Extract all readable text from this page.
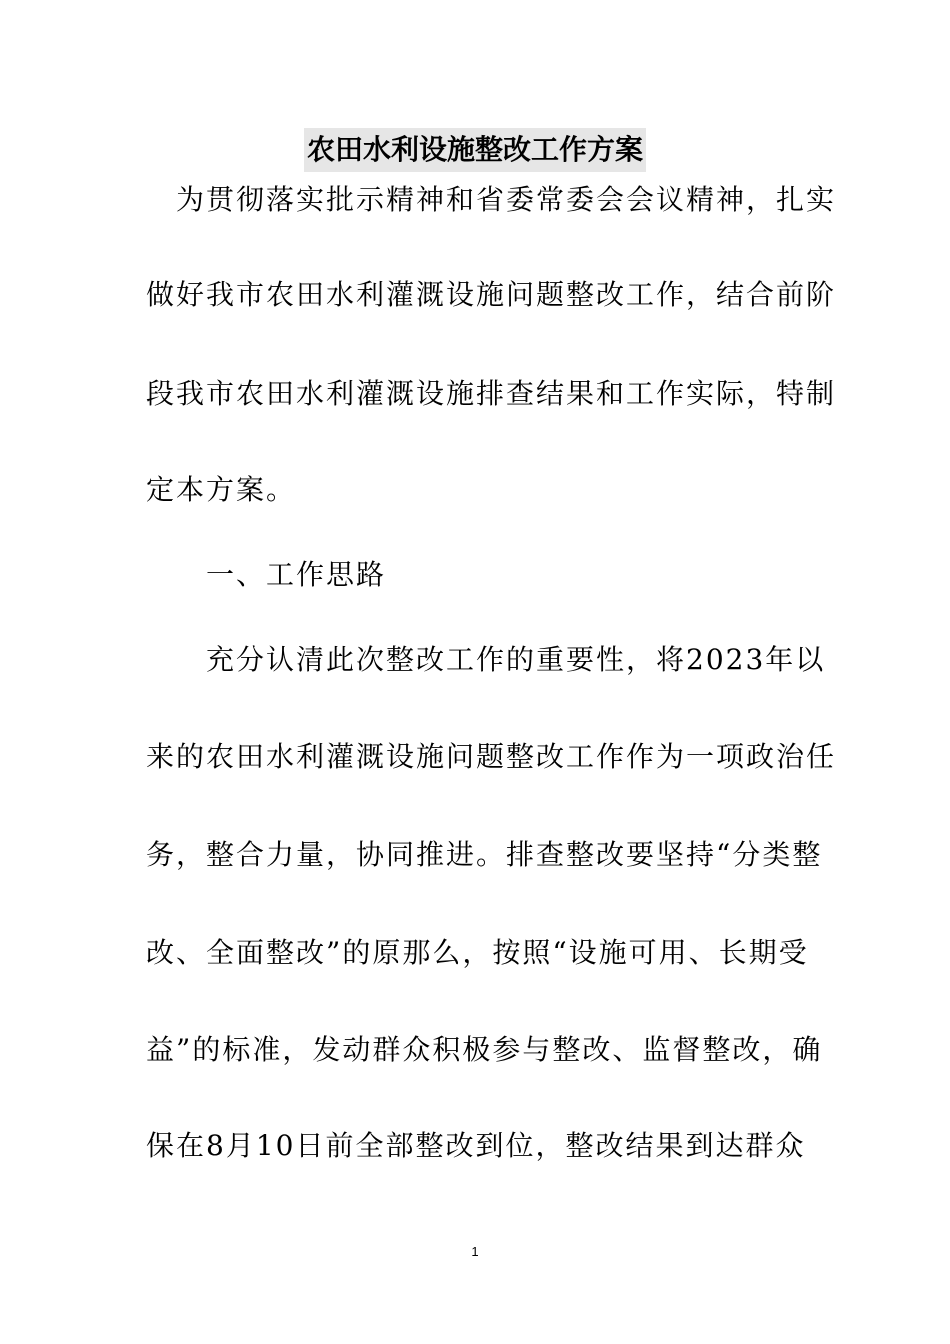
农田水利设施整改工作方案
　为贯彻落实批示精神和省委常委会会议精神，扎实
做好我市农田水利灌溉设施问题整改工作，结合前阶
段我市农田水利灌溉设施排查结果和工作实际，特制
定本方案。
　　一、工作思路
　　充分认清此次整改工作的重要性，将2023年以
来的农田水利灌溉设施问题整改工作作为一项政治任
务，整合力量，协同推进。排查整改要坚持“分类整
改、全面整改”的原那么，按照“设施可用、长期受
益”的标准，发动群众积极参与整改、监督整改，确
保在8月10日前全部整改到位，整改结果到达群众
1
